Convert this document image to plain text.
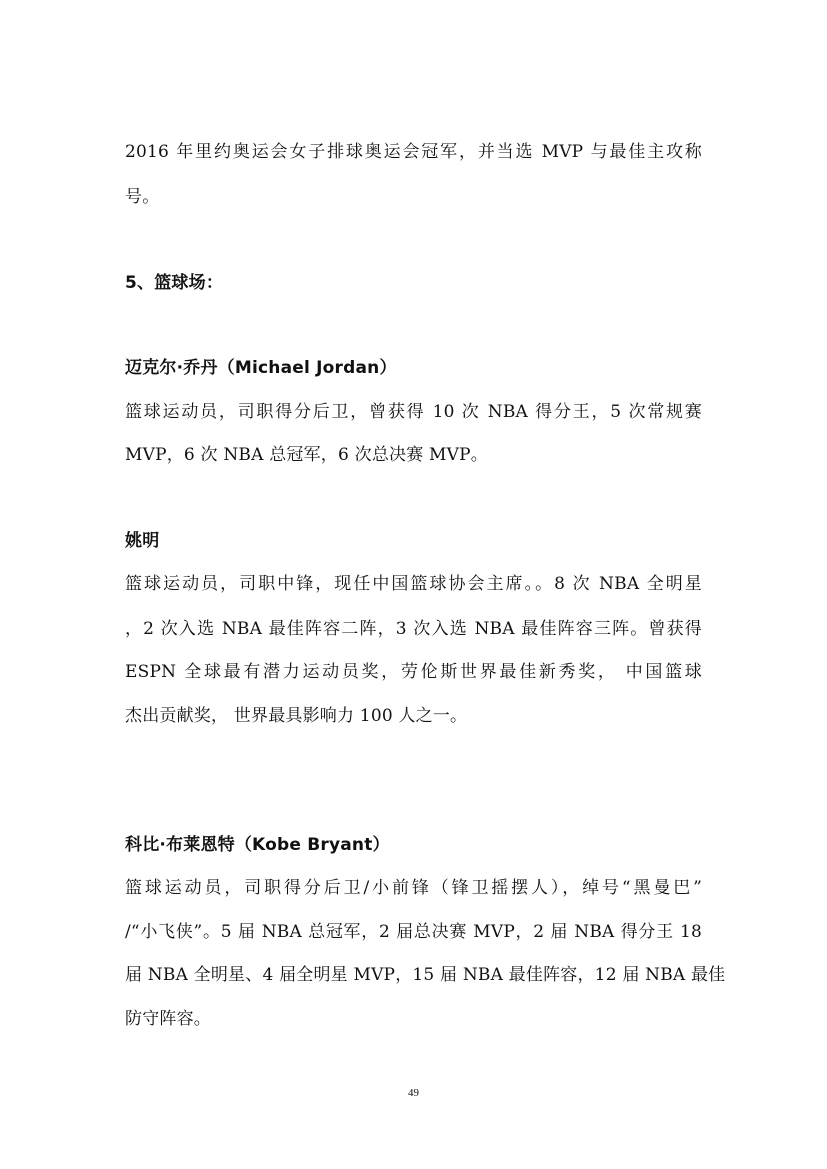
2016 年里约奥运会女子排球奥运会冠军，并当选 MVP 与最佳主攻称
号。
5、篮球场：
迈克尔·乔丹（Michael Jordan）
篮球运动员，司职得分后卫，曾获得 10 次 NBA 得分王，5 次常规赛
MVP，6 次 NBA 总冠军，6 次总决赛 MVP。
姚明
篮球运动员，司职中锋，现任中国篮球协会主席。。8 次 NBA 全明星
，2 次入选 NBA 最佳阵容二阵，3 次入选 NBA 最佳阵容三阵。曾获得
ESPN 全球最有潜力运动员奖，劳伦斯世界最佳新秀奖， 中国篮球
杰出贡献奖， 世界最具影响力 100 人之一。
科比·布莱恩特（Kobe Bryant）
篮球运动员，司职得分后卫/小前锋（锋卫摇摆人），绰号“黑曼巴”
/“小飞侠”。5 届 NBA 总冠军，2 届总决赛 MVP，2 届 NBA 得分王 18
届 NBA 全明星、4 届全明星 MVP，15 届 NBA 最佳阵容，12 届 NBA 最佳
防守阵容。
49
